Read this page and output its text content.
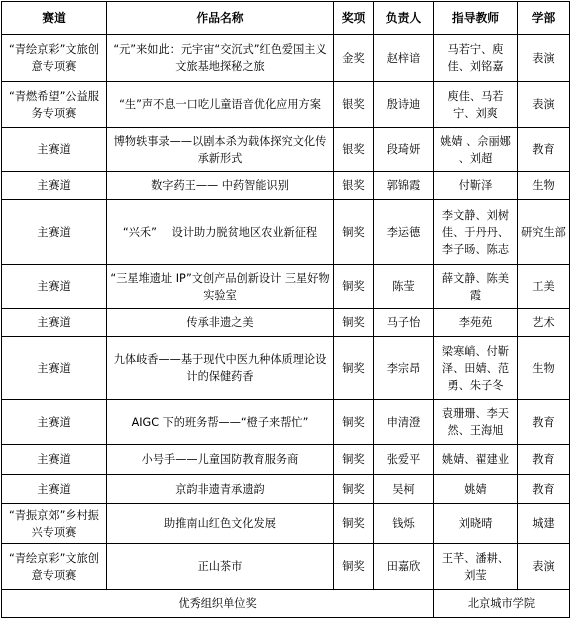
赛道	作品名称	奖项	负责人	指导教师	学部
“青绘京彩”文旅创意专项赛	“元”来如此：元宇宙“交沉式”红色爱国主义文旅基地探秘之旅	金奖	赵梓谙	马若宁、庾佳、刘铭嘉	表演
“青燃希望”公益服务专项赛	“生”声不息一口吃儿童语音优化应用方案	银奖	殷诗迪	庾佳、马若宁、刘爽	表演
主赛道	博物轶事录——以剧本杀为载体探究文化传承新形式	银奖	段琦妍	姚婧 、佘丽娜 、刘超	教育
主赛道	数字药王—— 中药智能识别	银奖	郭锦霞	付靳泽	生物
主赛道	“兴禾”　 设计助力脱贫地区农业新征程	铜奖	李运德	李文静、刘树佳、于丹丹、李子旸、陈志	研究生部
主赛道	“三星堆遗址 IP”文创产品创新设计 三星好物实验室	铜奖	陈莹	薛文静、陈美霞	工美
主赛道	传承非遗之美	铜奖	马子怡	李苑苑	艺术
主赛道	九体岐香——基于现代中医九种体质理论设计的保健药香	铜奖	李宗昂	梁寒峭、付靳泽、田婧、范勇、朱子冬	生物
主赛道	AIGC 下的班务帮——“橙子来帮忙”	铜奖	申清澄	袁珊珊、李天然、王海旭	教育
主赛道	小号手——儿童国防教育服务商	铜奖	张爱平	姚婧、翟建业	教育
主赛道	京韵非遗青承遗韵	铜奖	吴柯	姚婧	教育
“青振京郊”乡村振兴专项赛	助推南山红色文化发展	铜奖	钱烁	刘晓晴	城建
“青绘京彩”文旅创意专项赛	正山茶市	铜奖	田嘉欣	王芊、潘耕、刘莹	表演
优秀组织单位奖				北京城市学院	
